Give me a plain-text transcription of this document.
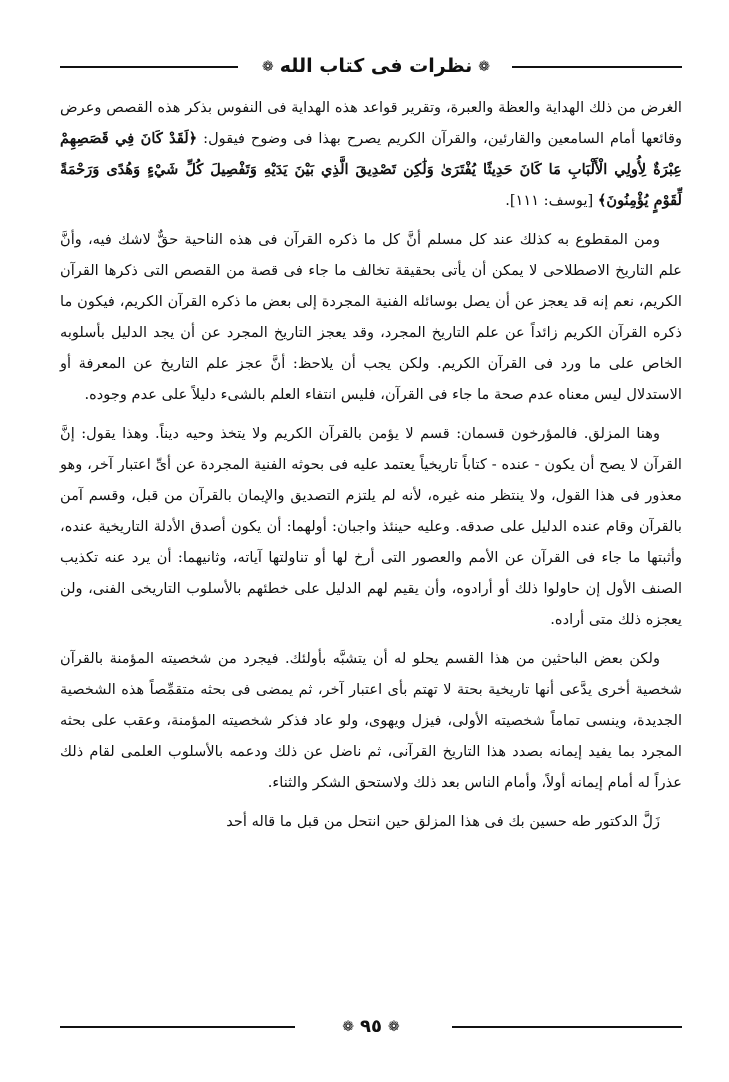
❁نظرات فى كتاب الله❁

الغرض من ذلك الهداية والعظة والعبرة، وتقرير قواعد هذه الهداية فى النفوس بذكر هذه القصص وعرض وقائعها أمام السامعين والقارئين، والقرآن الكريم يصرح بهذا فى وضوح فيقول: ﴿لَقَدْ كَانَ فِي قَصَصِهِمْ عِبْرَةٌ لِأُولِي الْأَلْبَابِ مَا كَانَ حَدِيثًا يُفْتَرَىٰ وَلَٰكِن تَصْدِيقَ الَّذِي بَيْنَ يَدَيْهِ وَتَفْصِيلَ كُلِّ شَيْءٍ وَهُدًى وَرَحْمَةً لِّقَوْمٍ يُؤْمِنُونَ﴾ [يوسف: ١١١].

ومن المقطوع به كذلك عند كل مسلم أنَّ كل ما ذكره القرآن فى هذه الناحية حقٌّ لاشك فيه، وأنَّ علم التاريخ الاصطلاحى لا يمكن أن يأتى بحقيقة تخالف ما جاء فى قصة من القصص التى ذكرها القرآن الكريم، نعم إنه قد يعجز عن أن يصل بوسائله الفنية المجردة إلى بعض ما ذكره القرآن الكريم، فيكون ما ذكره القرآن الكريم زائداً عن علم التاريخ المجرد، وقد يعجز التاريخ المجرد عن أن يجد الدليل بأسلوبه الخاص على ما ورد فى القرآن الكريم. ولكن يجب أن يلاحظ: أنَّ عجز علم التاريخ عن المعرفة أو الاستدلال ليس معناه عدم صحة ما جاء فى القرآن، فليس انتفاء العلم بالشىء دليلاً على عدم وجوده.

وهنا المزلق. فالمؤرخون قسمان: قسم لا يؤمن بالقرآن الكريم ولا يتخذ وحيه ديناً. وهذا يقول: إنَّ القرآن لا يصح أن يكون - عنده - كتاباً تاريخياً يعتمد عليه فى بحوثه الفنية المجردة عن أىِّ اعتبار آخر، وهو معذور فى هذا القول، ولا ينتظر منه غيره، لأنه لم يلتزم التصديق والإيمان بالقرآن من قبل، وقسم آمن بالقرآن وقام عنده الدليل على صدقه. وعليه حينئذ واجبان: أولهما: أن يكون أصدق الأدلة التاريخية عنده، وأثبتها ما جاء فى القرآن عن الأمم والعصور التى أرخ لها أو تناولتها آياته، وثانيهما: أن يرد عنه تكذيب الصنف الأول إن حاولوا ذلك أو أرادوه، وأن يقيم لهم الدليل على خطئهم بالأسلوب التاريخى الفنى، ولن يعجزه ذلك متى أراده.

ولكن بعض الباحثين من هذا القسم يحلو له أن يتشبَّه بأولئك. فيجرد من شخصيته المؤمنة بالقرآن شخصية أخرى يدَّعى أنها تاريخية بحتة لا تهتم بأى اعتبار آخر، ثم يمضى فى بحثه متقمِّصاً هذه الشخصية الجديدة، وينسى تماماً شخصيته الأولى، فيزل ويهوى، ولو عاد فذكر شخصيته المؤمنة، وعقب على بحثه المجرد بما يفيد إيمانه بصدد هذا التاريخ القرآنى، ثم ناضل عن ذلك ودعمه بالأسلوب العلمى لقام ذلك عذراً له أمام إيمانه أولاً، وأمام الناس بعد ذلك ولاستحق الشكر والثناء.

زَلَّ الدكتور طه حسين بك فى هذا المزلق حين انتحل من قبل ما قاله أحد

❁٩٥❁
